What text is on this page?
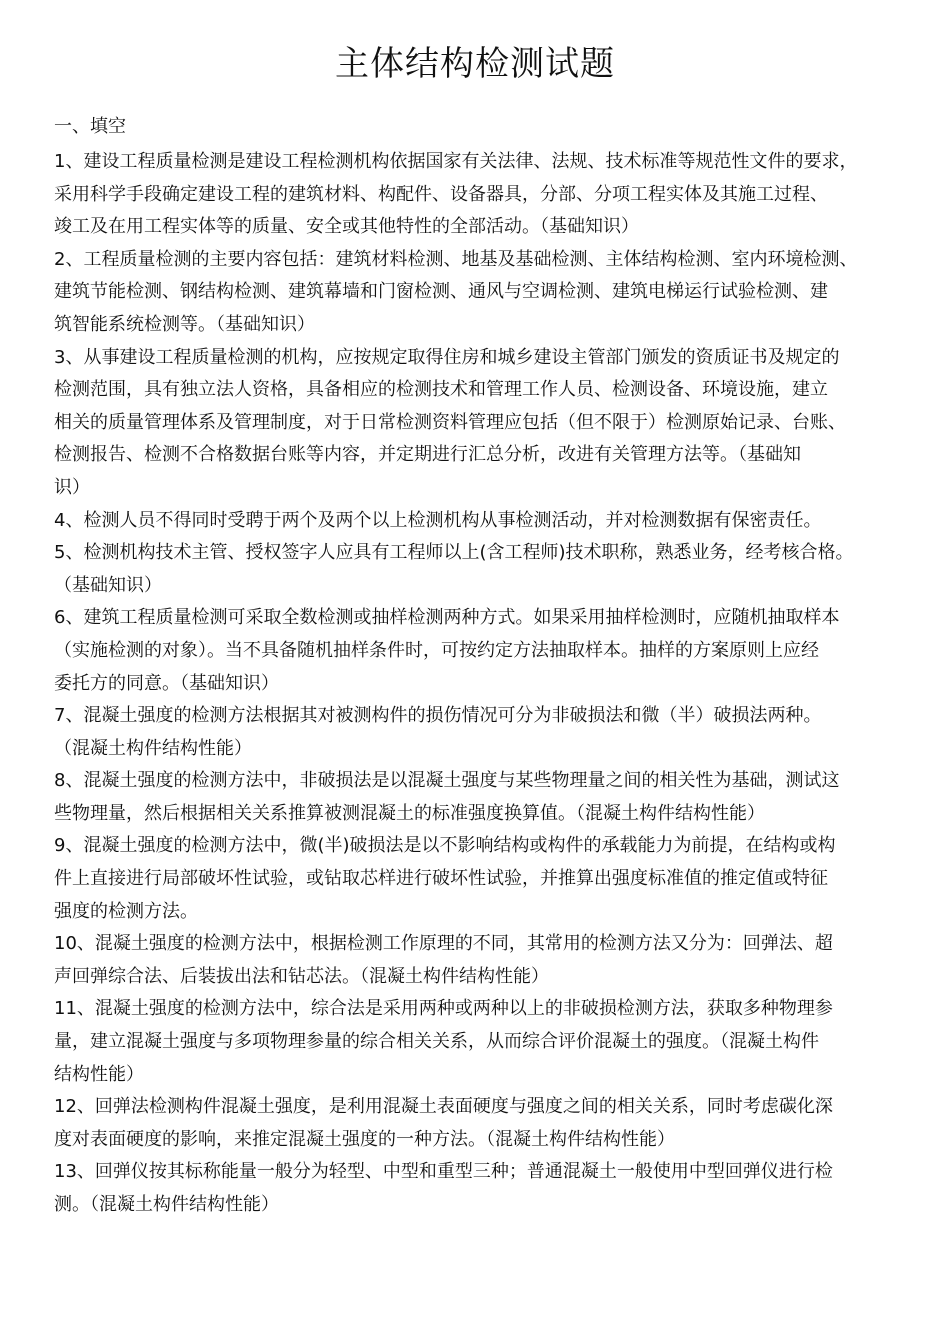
主体结构检测试题
一、填空

1、建设工程质量检测是建设工程检测机构依据国家有关法律、法规、技术标准等规范性文件的要求，
采用科学手段确定建设工程的建筑材料、构配件、设备器具，分部、分项工程实体及其施工过程、
竣工及在用工程实体等的质量、安全或其他特性的全部活动。（基础知识）

2、工程质量检测的主要内容包括：建筑材料检测、地基及基础检测、主体结构检测、室内环境检测、
建筑节能检测、钢结构检测、建筑幕墙和门窗检测、通风与空调检测、建筑电梯运行试验检测、建
筑智能系统检测等。（基础知识）

3、从事建设工程质量检测的机构，应按规定取得住房和城乡建设主管部门颁发的资质证书及规定的
检测范围，具有独立法人资格，具备相应的检测技术和管理工作人员、检测设备、环境设施，建立
相关的质量管理体系及管理制度，对于日常检测资料管理应包括（但不限于）检测原始记录、台账、
检测报告、检测不合格数据台账等内容，并定期进行汇总分析，改进有关管理方法等。（基础知
识）

4、检测人员不得同时受聘于两个及两个以上检测机构从事检测活动，并对检测数据有保密责任。

5、检测机构技术主管、授权签字人应具有工程师以上(含工程师)技术职称，熟悉业务，经考核合格。
（基础知识）

6、建筑工程质量检测可采取全数检测或抽样检测两种方式。如果采用抽样检测时，应随机抽取样本
（实施检测的对象）。当不具备随机抽样条件时，可按约定方法抽取样本。抽样的方案原则上应经
委托方的同意。（基础知识）

7、混凝土强度的检测方法根据其对被测构件的损伤情况可分为非破损法和微（半）破损法两种。
（混凝土构件结构性能）

8、混凝土强度的检测方法中，非破损法是以混凝土强度与某些物理量之间的相关性为基础，测试这
些物理量，然后根据相关关系推算被测混凝土的标准强度换算值。（混凝土构件结构性能）

9、混凝土强度的检测方法中，微(半)破损法是以不影响结构或构件的承载能力为前提，在结构或构
件上直接进行局部破坏性试验，或钻取芯样进行破坏性试验，并推算出强度标准值的推定值或特征
强度的检测方法。

10、混凝土强度的检测方法中，根据检测工作原理的不同，其常用的检测方法又分为：回弹法、超
声回弹综合法、后装拔出法和钻芯法。（混凝土构件结构性能）

11、混凝土强度的检测方法中，综合法是采用两种或两种以上的非破损检测方法，获取多种物理参
量，建立混凝土强度与多项物理参量的综合相关关系，从而综合评价混凝土的强度。（混凝土构件
结构性能）

12、回弹法检测构件混凝土强度，是利用混凝土表面硬度与强度之间的相关关系，同时考虑碳化深
度对表面硬度的影响，来推定混凝土强度的一种方法。（混凝土构件结构性能）

13、回弹仪按其标称能量一般分为轻型、中型和重型三种；普通混凝土一般使用中型回弹仪进行检
测。（混凝土构件结构性能）
